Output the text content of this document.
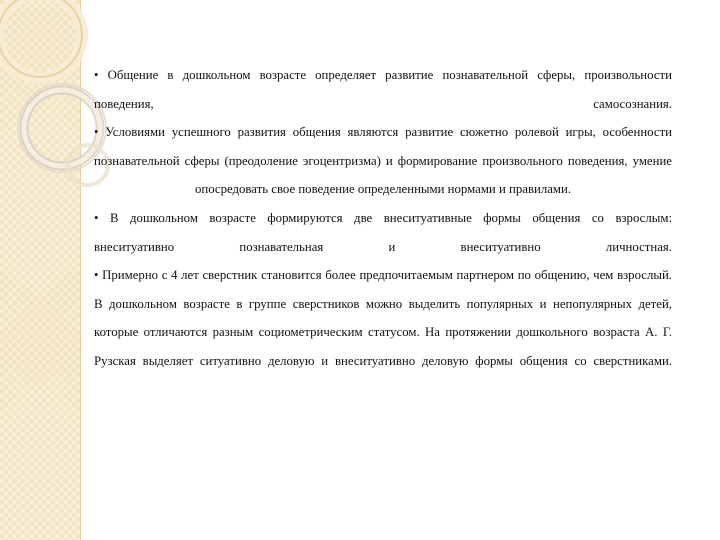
• Общение в дошкольном возрасте определяет развитие познавательной сферы, произвольности поведения, самосознания.

• Условиями успешного развития общения являются развитие сюжетно ролевой игры, особенности познавательной сферы (преодоление эгоцентризма) и формирование произвольного поведения, умение опосредовать свое поведение определенными нормами и правилами.

• В дошкольном возрасте формируются две внеситуативные формы общения со взрослым: внеситуативно познавательная и внеситуативно личностная.

• Примерно с 4 лет сверстник становится более предпочитаемым партнером по общению, чем взрослый. В дошкольном возрасте в группе сверстников можно выделить популярных и непопулярных детей, которые отличаются разным социометрическим статусом. На протяжении дошкольного возраста А. Г. Рузская выделяет ситуативно деловую и внеситуативно деловую формы общения со сверстниками.
